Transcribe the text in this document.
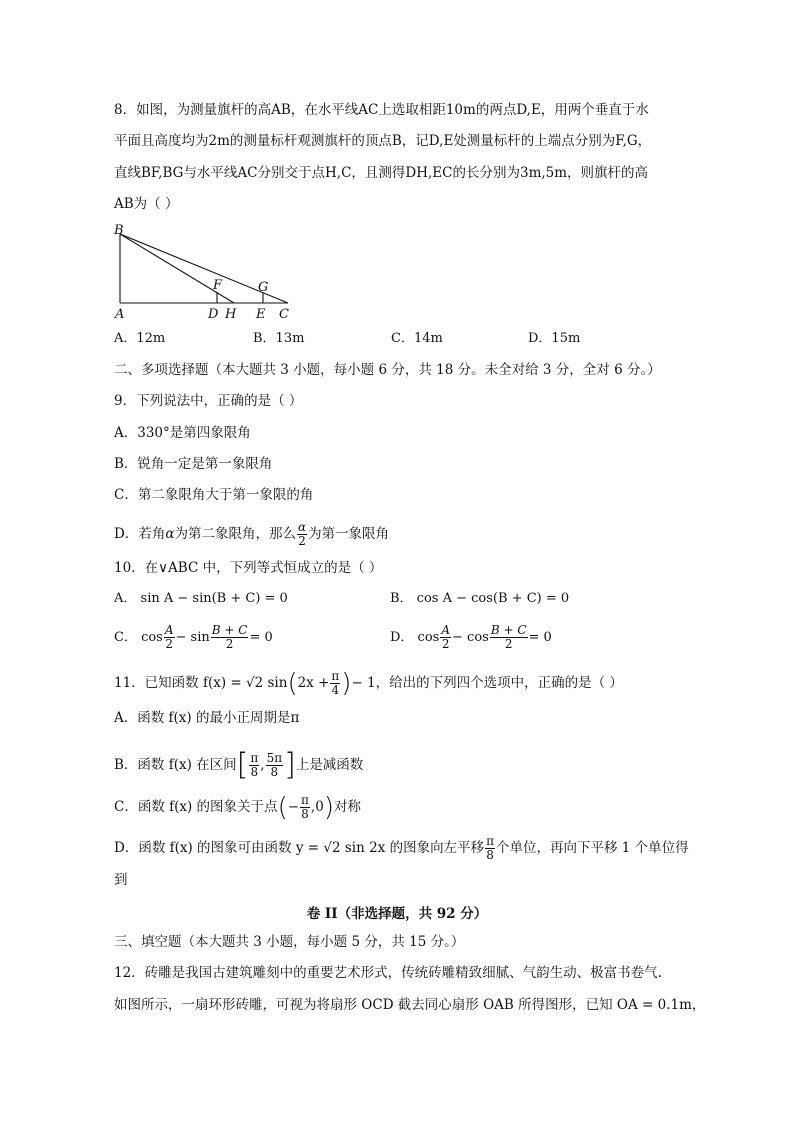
8．如图，为测量旗杆的高AB，在水平线AC上选取相距10m的两点D,E，用两个垂直于水
平面且高度均为2m的测量标杆观测旗杆的顶点B，记D,E处测量标杆的上端点分别为F,G，
直线BF,BG与水平线AC分别交于点H,C，且测得DH,EC的长分别为3m,5m，则旗杆的高
AB为（ ）
B
F	G
A	D H E C
A．12m	B．13m	C．14m	D．15m
二、多项选择题（本大题共 3 小题，每小题 6 分，共 18 分。未全对给 3 分，全对 6 分。）
9．下列说法中，正确的是（ ）
A．330°是第四象限角
B．锐角一定是第一象限角
C．第二象限角大于第一象限的角
D．若角α为第二象限角，那么 $\frac{\alpha}{2}$ 为第一象限角
10．在∨ABC 中，下列等式恒成立的是（ ）
A． sin A − sin(B + C) = 0	B． cos A − cos(B + C) = 0
C． $\cos \frac{A}{2} - \sin \frac{B + C}{2} = 0$	D． $\cos \frac{A}{2} - \cos \frac{B + C}{2} = 0$
11．已知函数 f(x) = √2 $\sin(2x + \frac{\pi}{4}$ )− 1，给出的下列四个选项中，正确的是（ ）
A．函数 f(x) 的最小正周期是π
B．函数 f(x) 在区间[ $\frac{\pi}{8}$ , $\frac{5\pi}{8}$ ]上是减函数
C．函数 f(x) 的图象关于点(− $\frac{\pi}{8} ,0$)对称
D．函数 f(x) 的图象可由函数 y = √2 sin 2x 的图象向左平移 $\frac{\pi}{8}$ 个单位，再向下平移 1 个单位得
到
卷 II（非选择题，共 92 分）
三、填空题（本大题共 3 小题，每小题 5 分，共 15 分。）
12．砖雕是我国古建筑雕刻中的重要艺术形式，传统砖雕精致细腻、气韵生动、极富书卷气.
如图所示，一扇环形砖雕，可视为将扇形 OCD 截去同心扇形 OAB 所得图形，已知 OA = 0.1m，
